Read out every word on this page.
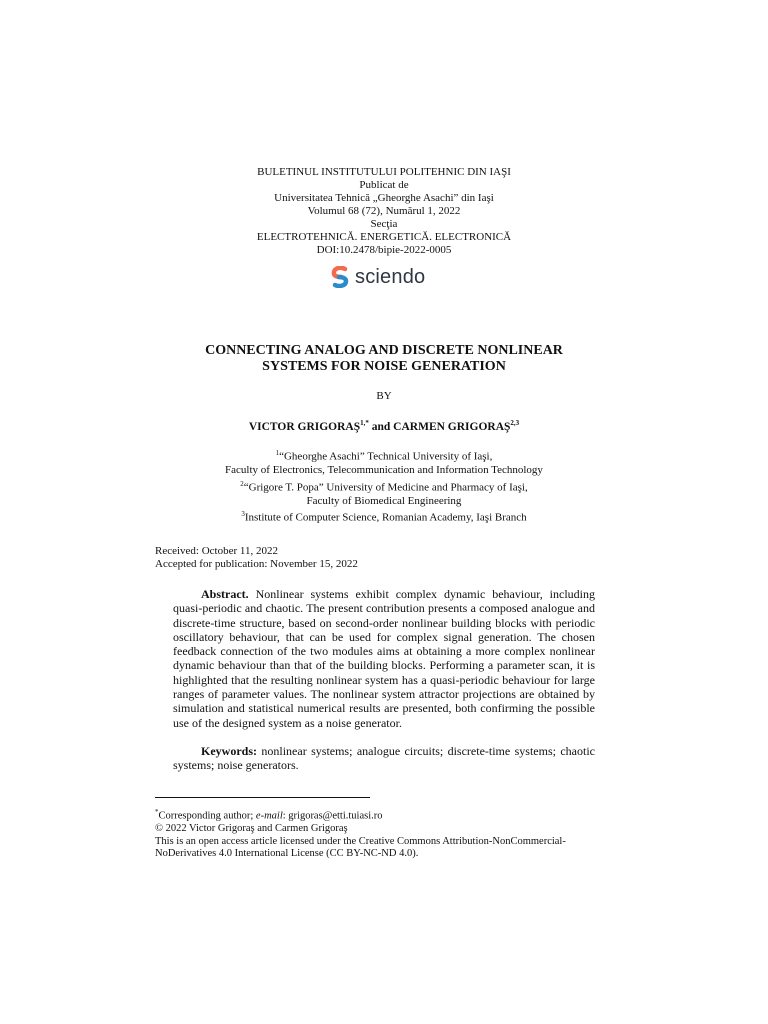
BULETINUL INSTITUTULUI POLITEHNIC DIN IAŞI
Publicat de
Universitatea Tehnică „Gheorghe Asachi” din Iaşi
Volumul 68 (72), Numărul 1, 2022
Secţia
ELECTROTEHNICĂ. ENERGETICĂ. ELECTRONICĂ
DOI:10.2478/bipie-2022-0005
sciendo
CONNECTING ANALOG AND DISCRETE NONLINEAR
SYSTEMS FOR NOISE GENERATION
BY
VICTOR $GRIGORAŞ^{1,*}$ and CARMEN GRIGORAŞ$^{2,3}$
$^1$“Gheorghe Asachi” Technical University of Iaşi,
Faculty of Electronics, Telecommunication and Information Technology
$^2$“Grigore T. Popa” University of Medicine and Pharmacy of Iaşi,
Faculty of Biomedical Engineering
$^3$Institute of Computer Science, Romanian Academy, Iaşi Branch
Received: October 11, 2022
Accepted for publication: November 15, 2022

Abstract. Nonlinear systems exhibit complex dynamic behaviour, including quasi-periodic and chaotic. The present contribution presents a composed analogue and discrete-time structure, based on second-order nonlinear building blocks with periodic oscillatory behaviour, that can be used for complex signal generation. The chosen feedback connection of the two modules aims at obtaining a more complex nonlinear dynamic behaviour than that of the building blocks. Performing a parameter scan, it is highlighted that the resulting nonlinear system has a quasi-periodic behaviour for large ranges of parameter values. The nonlinear system attractor projections are obtained by simulation and statistical numerical results are presented, both confirming the possible use of the designed system as a noise generator.

Keywords: nonlinear systems; analogue circuits; discrete-time systems; chaotic systems; noise generators.

*Corresponding author; e-mail: grigoras@etti.tuiasi.ro
© 2022 Victor Grigoraş and Carmen Grigoraş
This is an open access article licensed under the Creative Commons Attribution-NonCommercial-NoDerivatives 4.0 International License (CC BY-NC-ND 4.0).
